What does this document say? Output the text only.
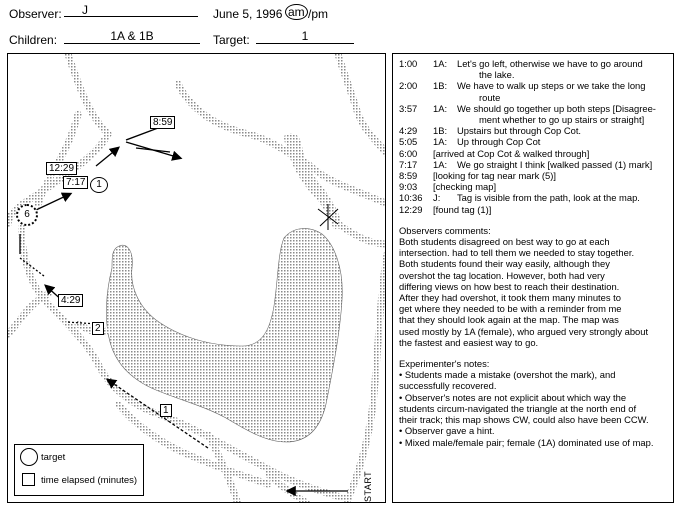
Observer:	J	June 5, 1996 am /pm
Children:	1A & 1B	Target:	1
8:59
12:29
7:17	1
6
4:29
2
1
START
target
time elapsed (minutes)
1:00	1A:	Let's go left, otherwise we have to go around
the lake.
2:00	1B:	We have to walk up steps or we take the long
route
3:57	1A:	We should go together up both steps [Disagree-
ment whether to go up stairs or straight]
4:29	1B:	Upstairs but through Cop Cot.
5:05	1A:	Up through Cop Cot
6:00	[arrived at Cop Cot & walked through]
7:17	1A:	We go straight I think [walked passed (1) mark]
8:59	[looking for tag near mark (5)]
9:03	[checking map]
10:36	J:	Tag is visible from the path, look at the map.
12:29	[found tag (1)]
Observers comments:
Both students disagreed on best way to go at each
intersection. had to tell them we needed to stay together.
Both students found their way easily, although they
overshot the tag location. However, both had very
differing views on how best to reach their destination.
After they had overshot, it took them many minutes to
get where they needed to be with a reminder from me
that they should look again at the map. The map was
used mostly by 1A (female), who argued very strongly about
the fastest and easiest way to go.
Experimenter's notes:
• Students made a mistake (overshot the mark), and
successfully recovered.
• Observer's notes are not explicit about which way the
students circum-navigated the triangle at the north end of
their track; this map shows CW, could also have been CCW.
• Observer gave a hint.
• Mixed male/female pair; female (1A) dominated use of map.
